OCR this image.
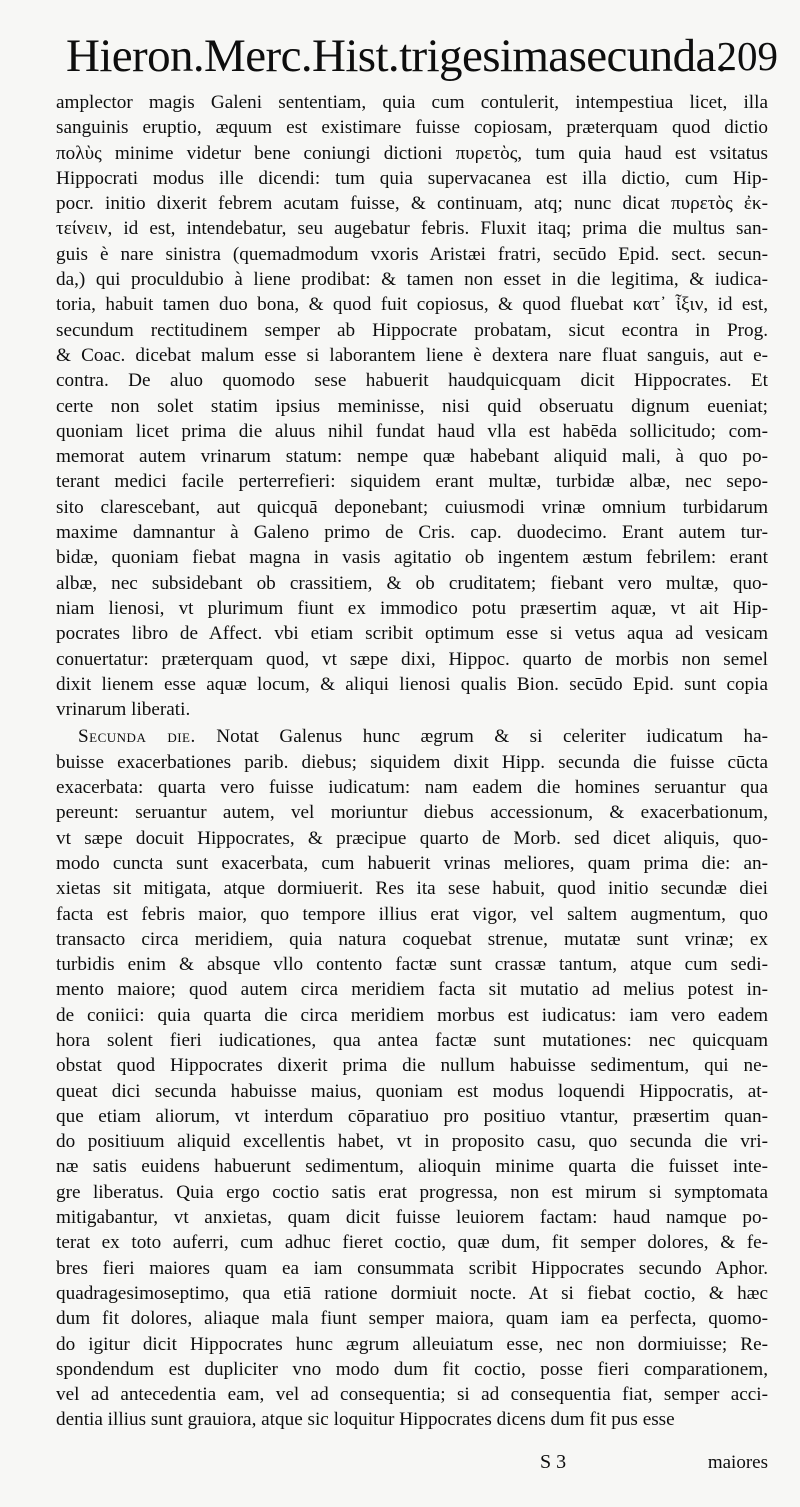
Hieron.Merc.Hist.trigesimasecunda.
209
amplector magis Galeni sententiam, quia cum contulerit, intempestiua licet, illa
sanguinis eruptio, æquum est existimare fuisse copiosam, præterquam quod dictio
πολὺς minime videtur bene coniungi dictioni πυρετὸς, tum quia haud est vsitatus
Hippocrati modus ille dicendi: tum quia supervacanea est illa dictio, cum Hip-
pocr. initio dixerit febrem acutam fuisse, & continuam, atq; nunc dicat πυρετὸς ἐκ-
τείνειν, id est, intendebatur, seu augebatur febris. Fluxit itaq; prima die multus san-
guis è nare sinistra (quemadmodum vxoris Aristæi fratri, secūdo Epid. sect. secun-
da,) qui proculdubio à liene prodibat: & tamen non esset in die legitima, & iudica-
toria, habuit tamen duo bona, & quod fuit copiosus, & quod fluebat κατ᾽ ἶξιν, id est,
secundum rectitudinem semper ab Hippocrate probatam, sicut econtra in Prog.
& Coac. dicebat malum esse si laborantem liene è dextera nare fluat sanguis, aut e-
contra. De aluo quomodo sese habuerit haudquicquam dicit Hippocrates. Et
certe non solet statim ipsius meminisse, nisi quid obseruatu dignum eueniat;
quoniam licet prima die aluus nihil fundat haud vlla est habēda sollicitudo; com-
memorat autem vrinarum statum: nempe quæ habebant aliquid mali, à quo po-
terant medici facile perterrefieri: siquidem erant multæ, turbidæ albæ, nec sepo-
sito clarescebant, aut quicquā deponebant; cuiusmodi vrinæ omnium turbidarum
maxime damnantur à Galeno primo de Cris. cap. duodecimo. Erant autem tur-
bidæ, quoniam fiebat magna in vasis agitatio ob ingentem æstum febrilem: erant
albæ, nec subsidebant ob crassitiem, & ob cruditatem; fiebant vero multæ, quo-
niam lienosi, vt plurimum fiunt ex immodico potu præsertim aquæ, vt ait Hip-
pocrates libro de Affect. vbi etiam scribit optimum esse si vetus aqua ad vesicam
conuertatur: præterquam quod, vt sæpe dixi, Hippoc. quarto de morbis non semel
dixit lienem esse aquæ locum, & aliqui lienosi qualis Bion. secūdo Epid. sunt copia
vrinarum liberati.
Secunda die. Notat Galenus hunc ægrum & si celeriter iudicatum ha-
buisse exacerbationes parib. diebus; siquidem dixit Hipp. secunda die fuisse cūcta
exacerbata: quarta vero fuisse iudicatum: nam eadem die homines seruantur qua
pereunt: seruantur autem, vel moriuntur diebus accessionum, & exacerbationum,
vt sæpe docuit Hippocrates, & præcipue quarto de Morb. sed dicet aliquis, quo-
modo cuncta sunt exacerbata, cum habuerit vrinas meliores, quam prima die: an-
xietas sit mitigata, atque dormiuerit. Res ita sese habuit, quod initio secundæ diei
facta est febris maior, quo tempore illius erat vigor, vel saltem augmentum, quo
transacto circa meridiem, quia natura coquebat strenue, mutatæ sunt vrinæ; ex
turbidis enim & absque vllo contento factæ sunt crassæ tantum, atque cum sedi-
mento maiore; quod autem circa meridiem facta sit mutatio ad melius potest in-
de coniici: quia quarta die circa meridiem morbus est iudicatus: iam vero eadem
hora solent fieri iudicationes, qua antea factæ sunt mutationes: nec quicquam
obstat quod Hippocrates dixerit prima die nullum habuisse sedimentum, qui ne-
queat dici secunda habuisse maius, quoniam est modus loquendi Hippocratis, at-
que etiam aliorum, vt interdum cōparatiuo pro positiuo vtantur, præsertim quan-
do positiuum aliquid excellentis habet, vt in proposito casu, quo secunda die vri-
næ satis euidens habuerunt sedimentum, alioquin minime quarta die fuisset inte-
gre liberatus. Quia ergo coctio satis erat progressa, non est mirum si symptomata
mitigabantur, vt anxietas, quam dicit fuisse leuiorem factam: haud namque po-
terat ex toto auferri, cum adhuc fieret coctio, quæ dum, fit semper dolores, & fe-
bres fieri maiores quam ea iam consummata scribit Hippocrates secundo Aphor.
quadragesimoseptimo, qua etiā ratione dormiuit nocte. At si fiebat coctio, & hæc
dum fit dolores, aliaque mala fiunt semper maiora, quam iam ea perfecta, quomo-
do igitur dicit Hippocrates hunc ægrum alleuiatum esse, nec non dormiuisse; Re-
spondendum est dupliciter vno modo dum fit coctio, posse fieri comparationem,
vel ad antecedentia eam, vel ad consequentia; si ad consequentia fiat, semper acci-
dentia illius sunt grauiora, atque sic loquitur Hippocrates dicens dum fit pus esse
S 3	maiores
